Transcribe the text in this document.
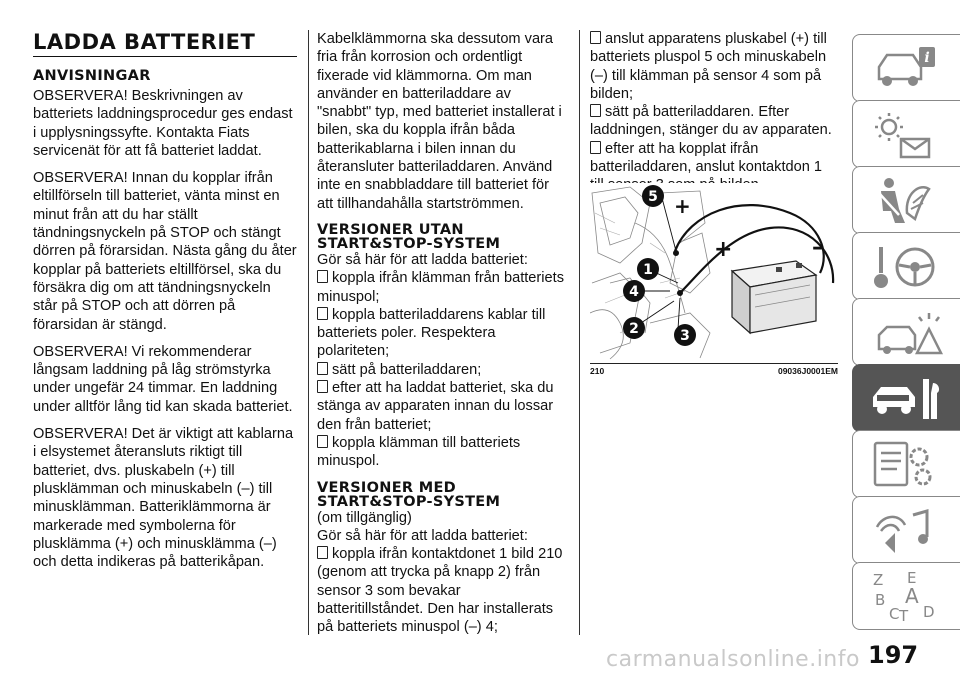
LADDA BATTERIET
ANVISNINGAR

OBSERVERA! Beskrivningen av batteriets laddningsprocedur ges endast i upplysningssyfte. Kontakta Fiats servicenät för att få batteriet laddat.

OBSERVERA! Innan du kopplar ifrån eltillförseln till batteriet, vänta minst en minut från att du har ställt tändningsnyckeln på STOP och stängt dörren på förarsidan. Nästa gång du åter kopplar på batteriets eltillförsel, ska du försäkra dig om att tändningsnyckeln står på STOP och att dörren på förarsidan är stängd.

OBSERVERA! Vi rekommenderar långsam laddning på låg strömstyrka under ungefär 24 timmar. En laddning under alltför lång tid kan skada batteriet.

OBSERVERA! Det är viktigt att kablarna i elsystemet återansluts riktigt till batteriet, dvs. pluskabeln (+) till plusklämman och minuskabeln (–) till minusklämman. Batteriklämmorna är markerade med symbolerna för plusklämma (+) och minusklämma (–) och detta indikeras på batterikåpan.

Kabelklämmorna ska dessutom vara fria från korrosion och ordentligt fixerade vid klämmorna. Om man använder en batteriladdare av "snabbt" typ, med batteriet installerat i bilen, ska du koppla ifrån båda batterikablarna i bilen innan du återansluter batteriladdaren. Använd inte en snabbladdare till batteriet för att tillhandahålla startströmmen.

VERSIONER UTAN START&STOP-SYSTEM

Gör så här för att ladda batteriet:

koppla ifrån klämman från batteriets minuspol;

koppla batteriladdarens kablar till batteriets poler. Respektera polariteten;

sätt på batteriladdaren;

efter att ha laddat batteriet, ska du stänga av apparaten innan du lossar den från batteriet;

koppla klämman till batteriets minuspol.

VERSIONER MED START&STOP-SYSTEM

(om tillgänglig)

Gör så här för att ladda batteriet:

koppla ifrån kontaktdonet 1 bild 210 (genom att trycka på knapp 2) från sensor 3 som bevakar batteritillståndet. Den har installerats på batteriets minuspol (–) 4;

anslut apparatens pluskabel (+) till batteriets pluspol 5 och minuskabeln (–) till klämman på sensor 4 som på bilden;

sätt på batteriladdaren. Efter laddningen, stänger du av apparaten.

efter att ha kopplat ifrån batteriladdaren, anslut kontaktdon 1

+	–
+
5
1
4
2	3
210	09036J0001EM
i
Z E
B A
C T D
197
carmanualsonline.info
